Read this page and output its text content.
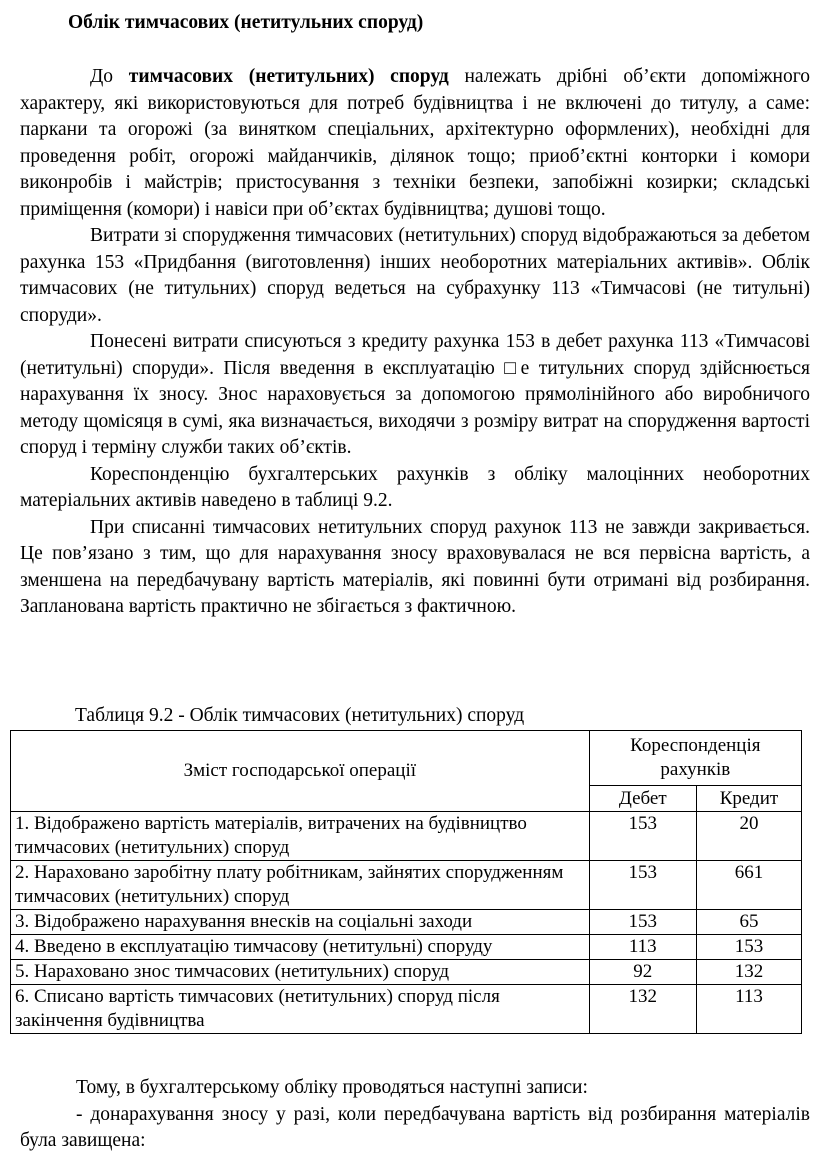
Облік тимчасових (нетитульних споруд)

До тимчасових (нетитульних) споруд належать дрібні об’єкти допоміжного характеру, які використовуються для потреб будівництва і не включені до титулу, а саме: паркани та огорожі (за винятком спеціальних, архітектурно оформлених), необхідні для проведення робіт, огорожі майданчиків, ділянок тощо; приоб’єктні конторки і комори виконробів і майстрів; пристосування з техніки безпеки, запобіжні козирки; складські приміщення (комори) і навіси при об’єктах будівництва; душові тощо.

Витрати зі спорудження тимчасових (нетитульних) споруд відображаються за дебетом рахунка 153 «Придбання (виготовлення) інших необоротних матеріальних активів». Облік тимчасових (не титульних) споруд ведеться на субрахунку 113 «Тимчасові (не титульні) споруди».

Понесені витрати списуються з кредиту рахунка 153 в дебет рахунка 113 «Тимчасові (нетитульні) споруди». Після введення в експлуатацію □е титульних споруд здійснюється нарахування їх зносу. Знос нараховується за допомогою прямолінійного або виробничого методу щомісяця в сумі, яка визначається, виходячи з розміру витрат на спорудження вартості споруд і терміну служби таких об’єктів.

Кореспонденцію бухгалтерських рахунків з обліку малоцінних необоротних матеріальних активів наведено в таблиці 9.2.

При списанні тимчасових нетитульних споруд рахунок 113 не завжди закривається. Це пов’язано з тим, що для нарахування зносу враховувалася не вся первісна вартість, а зменшена на передбачувану вартість матеріалів, які повинні бути отримані від розбирання. Запланована вартість практично не збігається з фактичною.

Таблиця 9.2 - Облік тимчасових (нетитульних) споруд

Зміст господарської операції	Кореспонденція рахунків	
	Дебет	Кредит
1. Відображено вартість матеріалів, витрачених на будівництво тимчасових (нетитульних) споруд	153	20
2. Нараховано заробітну плату робітникам, зайнятих спорудженням тимчасових (нетитульних) споруд	153	661
3. Відображено нарахування внесків на соціальні заходи	153	65
4. Введено в експлуатацію тимчасову (нетитульні) споруду	113	153
5. Нараховано знос тимчасових (нетитульних) споруд	92	132
6. Списано вартість тимчасових (нетитульних) споруд після закінчення будівництва	132	113

Тому, в бухгалтерському обліку проводяться наступні записи:

- донарахування зносу у разі, коли передбачувана вартість від розбирання матеріалів була завищена:
